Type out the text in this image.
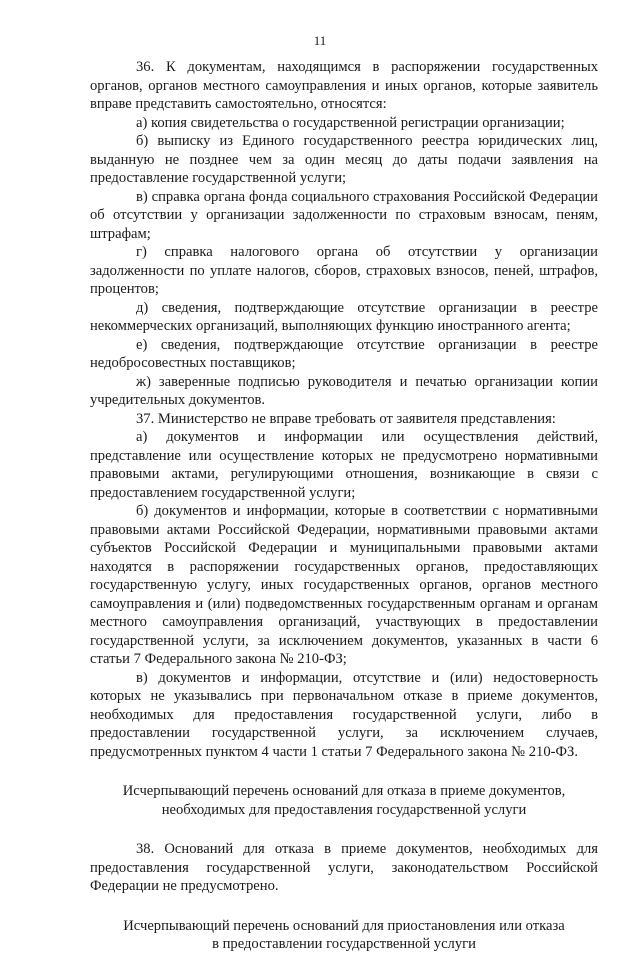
11

36. К документам, находящимся в распоряжении государственных органов, органов местного самоуправления и иных органов, которые заявитель вправе представить самостоятельно, относятся:

а) копия свидетельства о государственной регистрации организации;

б) выписку из Единого государственного реестра юридических лиц, выданную не позднее чем за один месяц до даты подачи заявления на предоставление государственной услуги;

в) справка органа фонда социального страхования Российской Федерации об отсутствии у организации задолженности по страховым взносам, пеням, штрафам;

г) справка налогового органа об отсутствии у организации задолженности по уплате налогов, сборов, страховых взносов, пеней, штрафов, процентов;

д) сведения, подтверждающие отсутствие организации в реестре некоммерческих организаций, выполняющих функцию иностранного агента;

е) сведения, подтверждающие отсутствие организации в реестре недобросовестных поставщиков;

ж) заверенные подписью руководителя и печатью организации копии учредительных документов.

37. Министерство не вправе требовать от заявителя представления:

а) документов и информации или осуществления действий, представление или осуществление которых не предусмотрено нормативными правовыми актами, регулирующими отношения, возникающие в связи с предоставлением государственной услуги;

б) документов и информации, которые в соответствии с нормативными правовыми актами Российской Федерации, нормативными правовыми актами субъектов Российской Федерации и муниципальными правовыми актами находятся в распоряжении государственных органов, предоставляющих государственную услугу, иных государственных органов, органов местного самоуправления и (или) подведомственных государственным органам и органам местного самоуправления организаций, участвующих в предоставлении государственной услуги, за исключением документов, указанных в части 6 статьи 7 Федерального закона № 210-ФЗ;

в) документов и информации, отсутствие и (или) недостоверность которых не указывались при первоначальном отказе в приеме документов, необходимых для предоставления государственной услуги, либо в предоставлении государственной услуги, за исключением случаев, предусмотренных пунктом 4 части 1 статьи 7 Федерального закона № 210-ФЗ.

Исчерпывающий перечень оснований для отказа в приеме документов, необходимых для предоставления государственной услуги

38. Оснований для отказа в приеме документов, необходимых для предоставления государственной услуги, законодательством Российской Федерации не предусмотрено.

Исчерпывающий перечень оснований для приостановления или отказа в предоставлении государственной услуги
